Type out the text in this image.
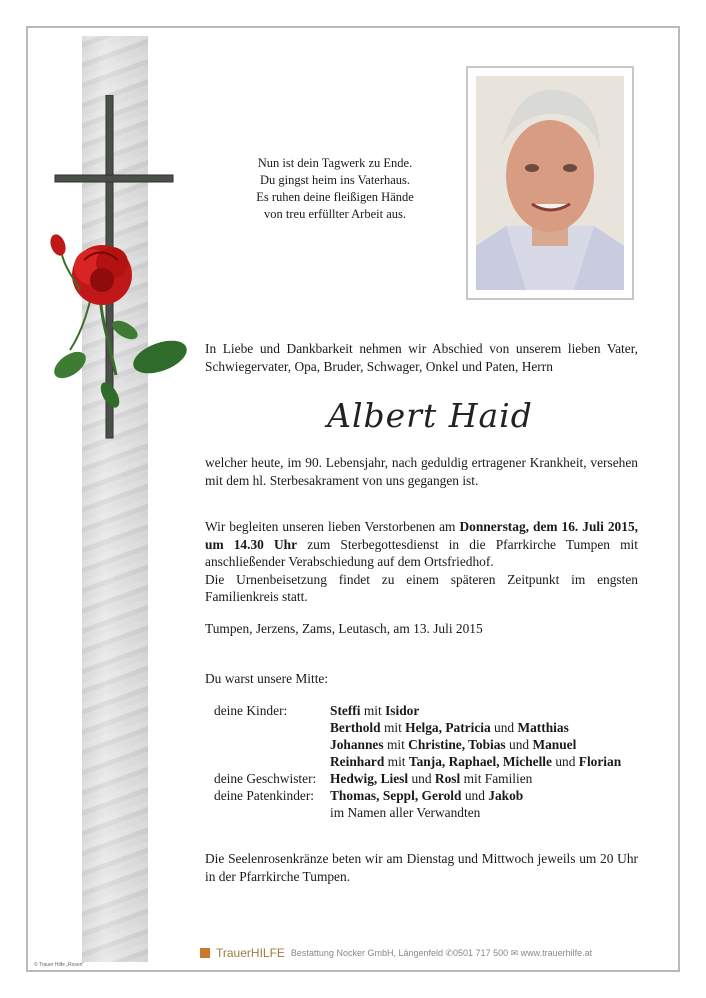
Nun ist dein Tagwerk zu Ende.
Du gingst heim ins Vaterhaus.
Es ruhen deine fleißigen Hände
von treu erfüllter Arbeit aus.
In Liebe und Dankbarkeit nehmen wir Abschied von unserem lieben Vater, Schwiegervater, Opa, Bruder, Schwager, Onkel und Paten, Herrn
Albert Haid
welcher heute, im 90. Lebensjahr, nach geduldig ertragener Krankheit, versehen mit dem hl. Sterbesakrament von uns gegangen ist.
Wir begleiten unseren lieben Verstorbenen am Donnerstag, dem 16. Juli 2015, um 14.30 Uhr zum Sterbegottesdienst in die Pfarrkirche Tumpen mit anschließender Verabschiedung auf dem Ortsfriedhof.
Die Urnenbeisetzung findet zu einem späteren Zeitpunkt im engsten Familienkreis statt.
Tumpen, Jerzens, Zams, Leutasch, am 13. Juli 2015
Du warst unsere Mitte:
deine Kinder:	Steffi mit Isidor
Berthold mit Helga, Patricia und Matthias
Johannes mit Christine, Tobias und Manuel
Reinhard mit Tanja, Raphael, Michelle und Florian
deine Geschwister:	Hedwig, Liesl und Rosl mit Familien
deine Patenkinder:	Thomas, Seppl, Gerold und Jakob
im Namen aller Verwandten
Die Seelenrosenkränze beten wir am Dienstag und Mittwoch jeweils um 20 Uhr in der Pfarrkirche Tumpen.
TrauerHILFE Bestattung Nocker GmbH, Längenfeld ✆0501 717 500 ✉ www.trauerhilfe.at
© Trauer Hilfe „Rosen"
